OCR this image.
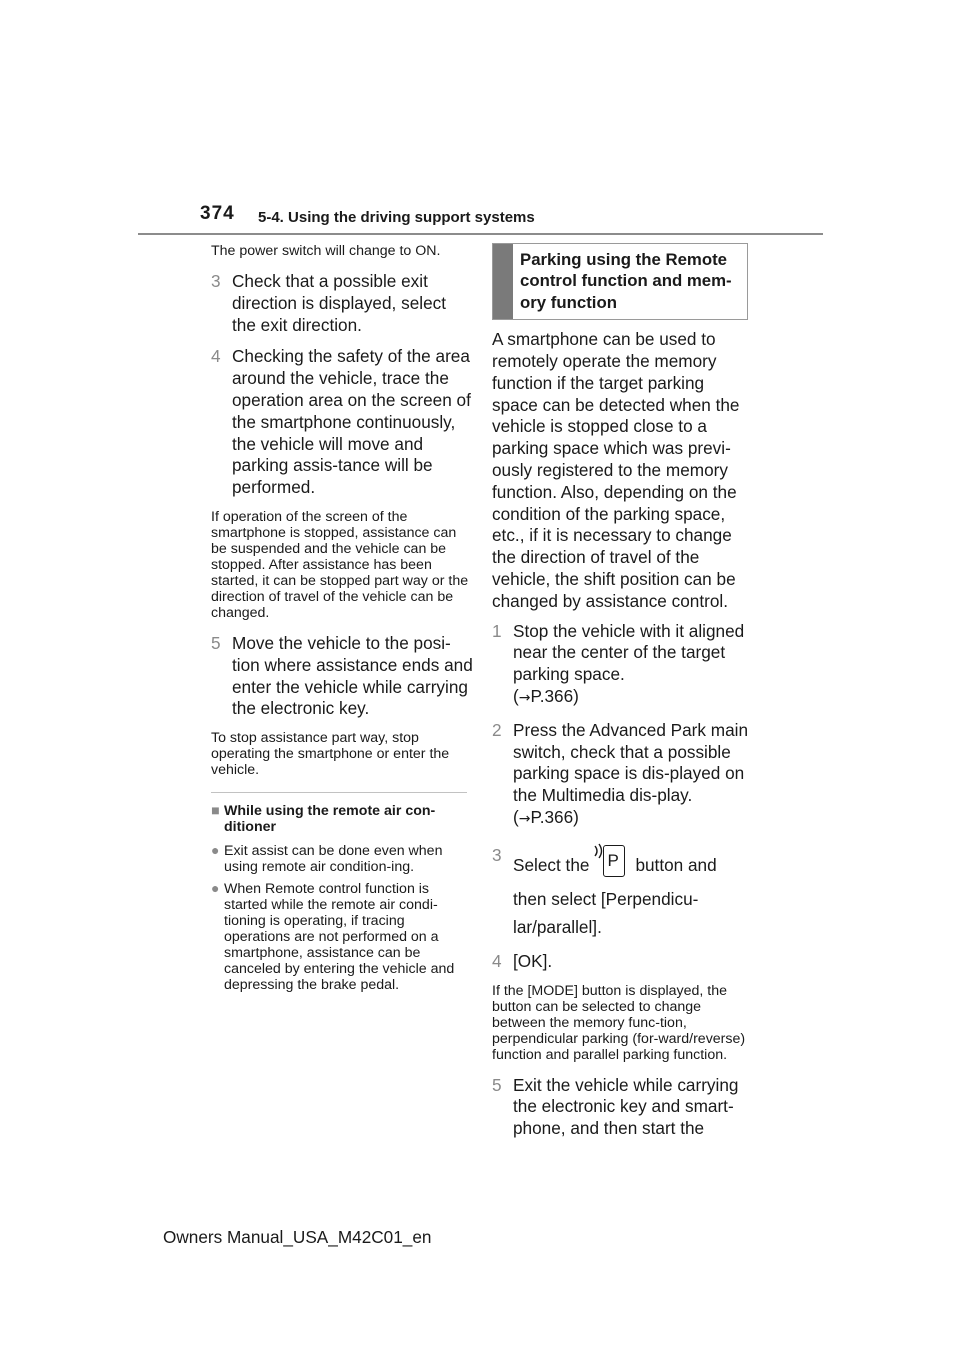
374 5-4. Using the driving support systems

The power switch will change to ON.

3 Check that a possible exit direction is displayed, select the exit direction.
4 Checking the safety of the area around the vehicle, trace the operation area on the screen of the smartphone continuously, the vehicle will move and parking assis-tance will be performed.

If operation of the screen of the smartphone is stopped, assistance can be suspended and the vehicle can be stopped. After assistance has been started, it can be stopped part way or the direction of travel of the vehicle can be changed.

5 Move the vehicle to the posi-tion where assistance ends and enter the vehicle while carrying the electronic key.

To stop assistance part way, stop operating the smartphone or enter the vehicle.

■ While using the remote air con-ditioner
● Exit assist can be done even when using remote air condition-ing.
● When Remote control function is started while the remote air condi-tioning is operating, if tracing operations are not performed on a smartphone, assistance can be canceled by entering the vehicle and depressing the brake pedal.
Parking using the Remote control function and mem-ory function

A smartphone can be used to remotely operate the memory function if the target parking space can be detected when the vehicle is stopped close to a parking space which was previ-ously registered to the memory function. Also, depending on the condition of the parking space, etc., if it is necessary to change the direction of travel of the vehicle, the shift position can be changed by assistance control.

1 Stop the vehicle with it aligned near the center of the target parking space.
(→P.366)
2 Press the Advanced Park main switch, check that a possible parking space is dis-played on the Multimedia dis-play. (→P.366)
3 Select the P button and
then select [Perpendicu-lar/parallel].
4 [OK].

If the [MODE] button is displayed, the button can be selected to change between the memory func-tion, perpendicular parking (for-ward/reverse) function and parallel parking function.

5 Exit the vehicle while carrying the electronic key and smart-phone, and then start the
Owners Manual_USA_M42C01_en
